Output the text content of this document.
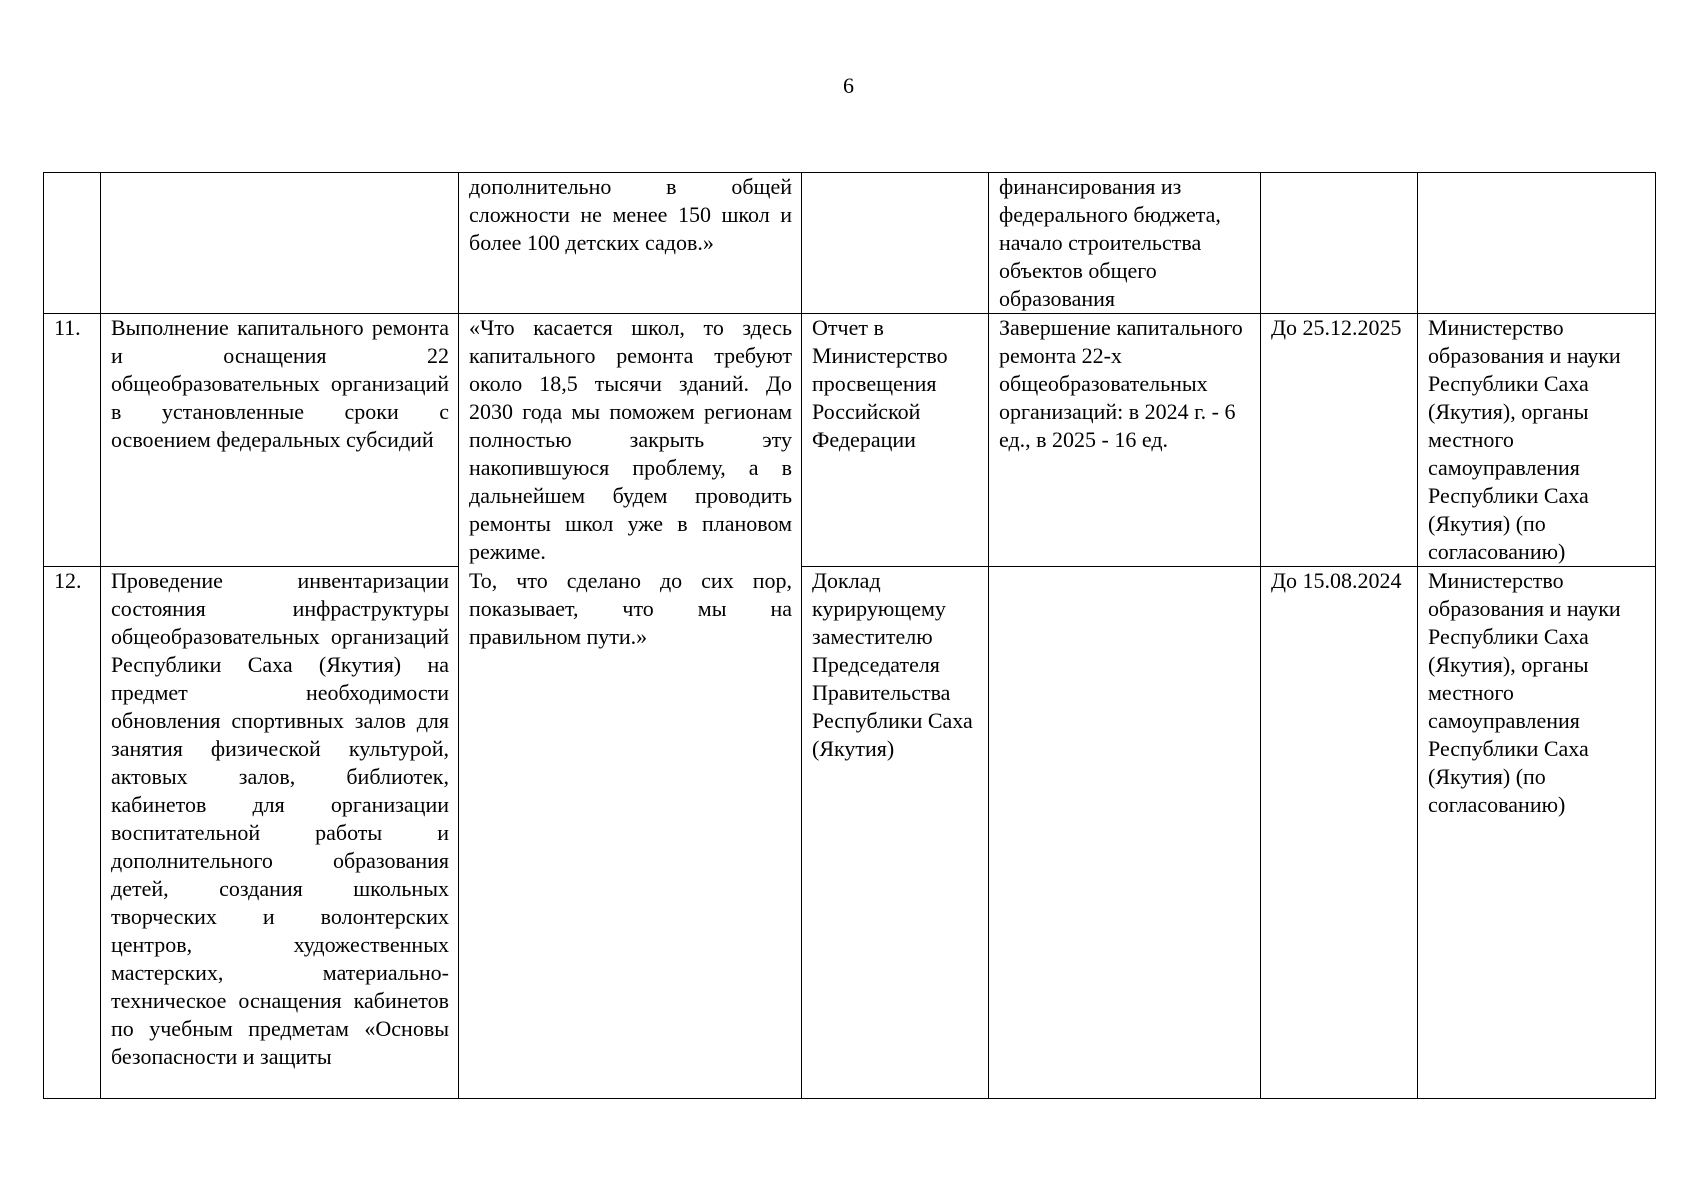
6

		дополнительно в общей сложности не менее 150 школ и более 100 детских садов.»		финансирования из федерального бюджета, начало строительства объектов общего образования		

11.	Выполнение капитального ремонта и оснащения 22 общеобразовательных организаций в установленные сроки с освоением федеральных субсидий	«Что касается школ, то здесь капитального ремонта требуют около 18,5 тысячи зданий. До 2030 года мы поможем регионам полностью закрыть эту накопившуюся проблему, а в дальнейшем будем проводить ремонты школ уже в плановом режиме.	Отчет в Министерство просвещения Российской Федерации	Завершение капитального ремонта 22-х общеобразовательных организаций: в 2024 г. - 6 ед., в 2025 - 16 ед.	До 25.12.2025	Министерство образования и науки Республики Саха (Якутия), органы местного самоуправления Республики Саха (Якутия) (по согласованию)

12.	Проведение инвентаризации состояния инфраструктуры общеобразовательных организаций Республики Саха (Якутия) на предмет необходимости обновления спортивных залов для занятия физической культурой, актовых залов, библиотек, кабинетов для организации воспитательной работы и дополнительного образования детей, создания школьных творческих и волонтерских центров, художественных мастерских, материально-техническое оснащения кабинетов по учебным предметам «Основы безопасности и защиты	То, что сделано до сих пор, показывает, что мы на правильном пути.»	Доклад курирующему заместителю Председателя Правительства Республики Саха (Якутия)		До 15.08.2024	Министерство образования и науки Республики Саха (Якутия), органы местного самоуправления Республики Саха (Якутия) (по согласованию)
